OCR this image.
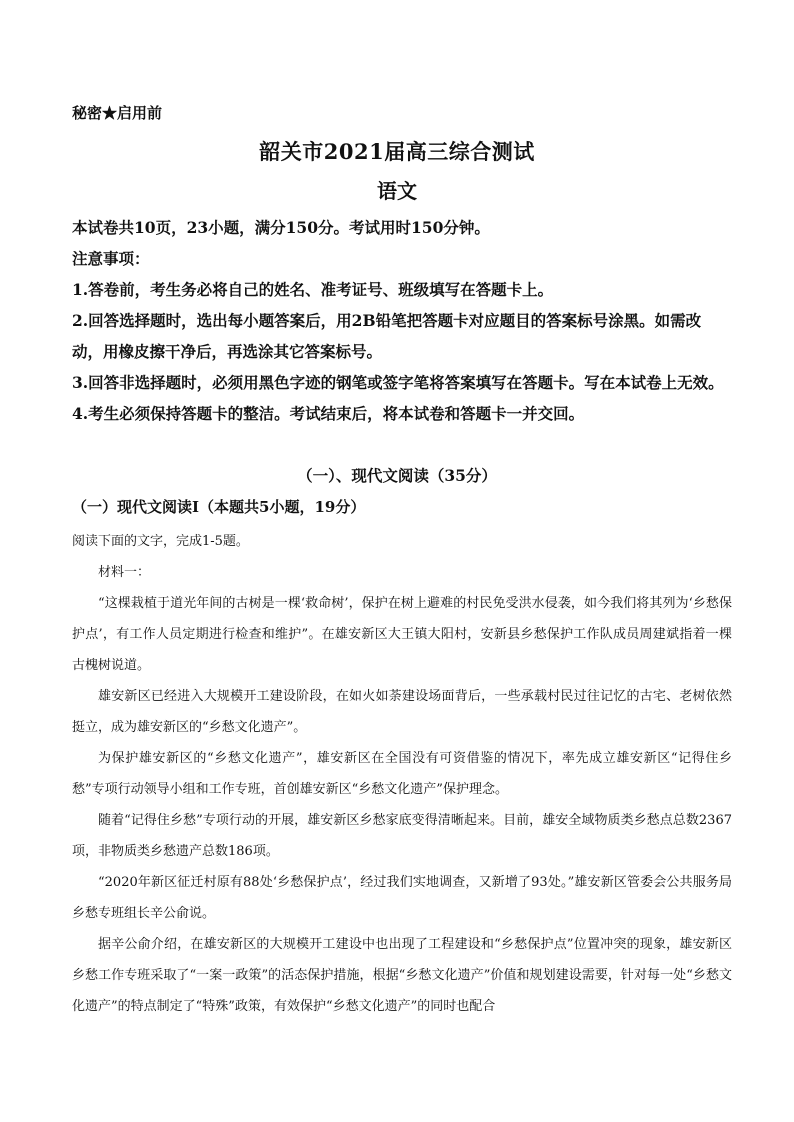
秘密★启用前
韶关市2021届高三综合测试
语文
本试卷共10页，23小题，满分150分。考试用时150分钟。
注意事项：
1.答卷前，考生务必将自己的姓名、准考证号、班级填写在答题卡上。
2.回答选择题时，选出每小题答案后，用2B铅笔把答题卡对应题目的答案标号涂黑。如需改动，用橡皮擦干净后，再选涂其它答案标号。
3.回答非选择题时，必须用黑色字迹的钢笔或签字笔将答案填写在答题卡。写在本试卷上无效。
4.考生必须保持答题卡的整洁。考试结束后，将本试卷和答题卡一并交回。
（一）、现代文阅读（35分）
（一）现代文阅读Ⅰ（本题共5小题，19分）

阅读下面的文字，完成1-5题。

材料一：

“这棵栽植于道光年间的古树是一棵‘救命树’，保护在树上避难的村民免受洪水侵袭，如今我们将其列为‘乡愁保护点’，有工作人员定期进行检查和维护”。在雄安新区大王镇大阳村，安新县乡愁保护工作队成员周建斌指着一棵古槐树说道。

雄安新区已经进入大规模开工建设阶段，在如火如荼建设场面背后，一些承载村民过往记忆的古宅、老树依然挺立，成为雄安新区的“乡愁文化遗产”。

为保护雄安新区的“乡愁文化遗产”，雄安新区在全国没有可资借鉴的情况下，率先成立雄安新区“记得住乡愁”专项行动领导小组和工作专班，首创雄安新区“乡愁文化遗产”保护理念。

随着“记得住乡愁”专项行动的开展，雄安新区乡愁家底变得清晰起来。目前，雄安全域物质类乡愁点总数2367项，非物质类乡愁遗产总数186项。

“2020年新区征迁村原有88处‘乡愁保护点’，经过我们实地调查，又新增了93处。”雄安新区管委会公共服务局乡愁专班组长辛公俞说。

据辛公俞介绍，在雄安新区的大规模开工建设中也出现了工程建设和“乡愁保护点”位置冲突的现象，雄安新区乡愁工作专班采取了“一案一政策”的活态保护措施，根据“乡愁文化遗产”价值和规划建设需要，针对每一处“乡愁文化遗产”的特点制定了“特殊”政策，有效保护“乡愁文化遗产”的同时也配合
